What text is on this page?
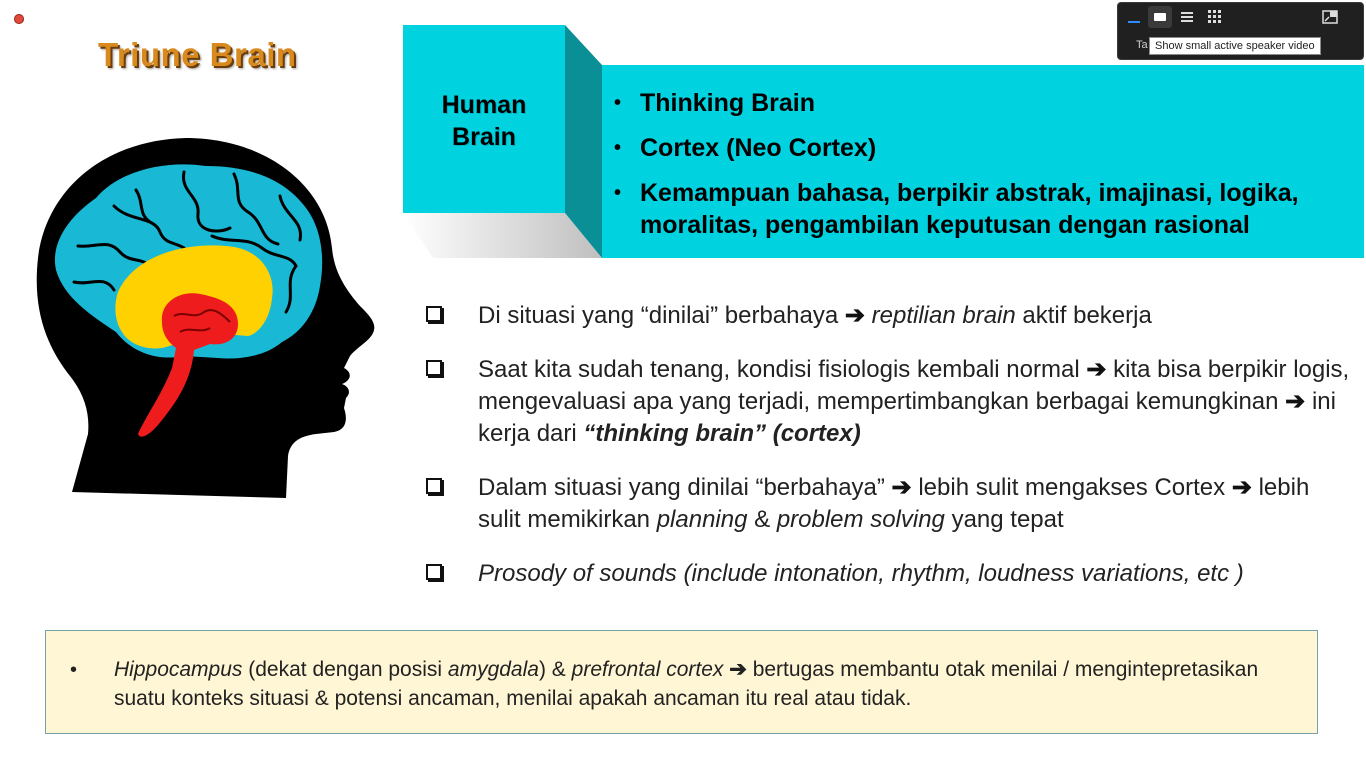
Triune Brain
Human
Brain
• Thinking Brain
• Cortex (Neo Cortex)
• Kemampuan bahasa, berpikir abstrak, imajinasi, logika, moralitas, pengambilan keputusan dengan rasional
Di situasi yang “dinilai” berbahaya ➔ reptilian brain aktif bekerja
Saat kita sudah tenang, kondisi fisiologis kembali normal ➔ kita bisa berpikir logis, mengevaluasi apa yang terjadi, mempertimbangkan berbagai kemungkinan ➔ ini kerja dari “thinking brain” (cortex)
Dalam situasi yang dinilai “berbahaya” ➔ lebih sulit mengakses Cortex ➔ lebih sulit memikirkan planning & problem solving yang tepat
Prosody of sounds (include intonation, rhythm, loudness variations, etc )
• Hippocampus (dekat dengan posisi amygdala) & prefrontal cortex ➔ bertugas membantu otak menilai / mengintepretasikan suatu konteks situasi & potensi ancaman, menilai apakah ancaman itu real atau tidak.
Ta Show small active speaker video
